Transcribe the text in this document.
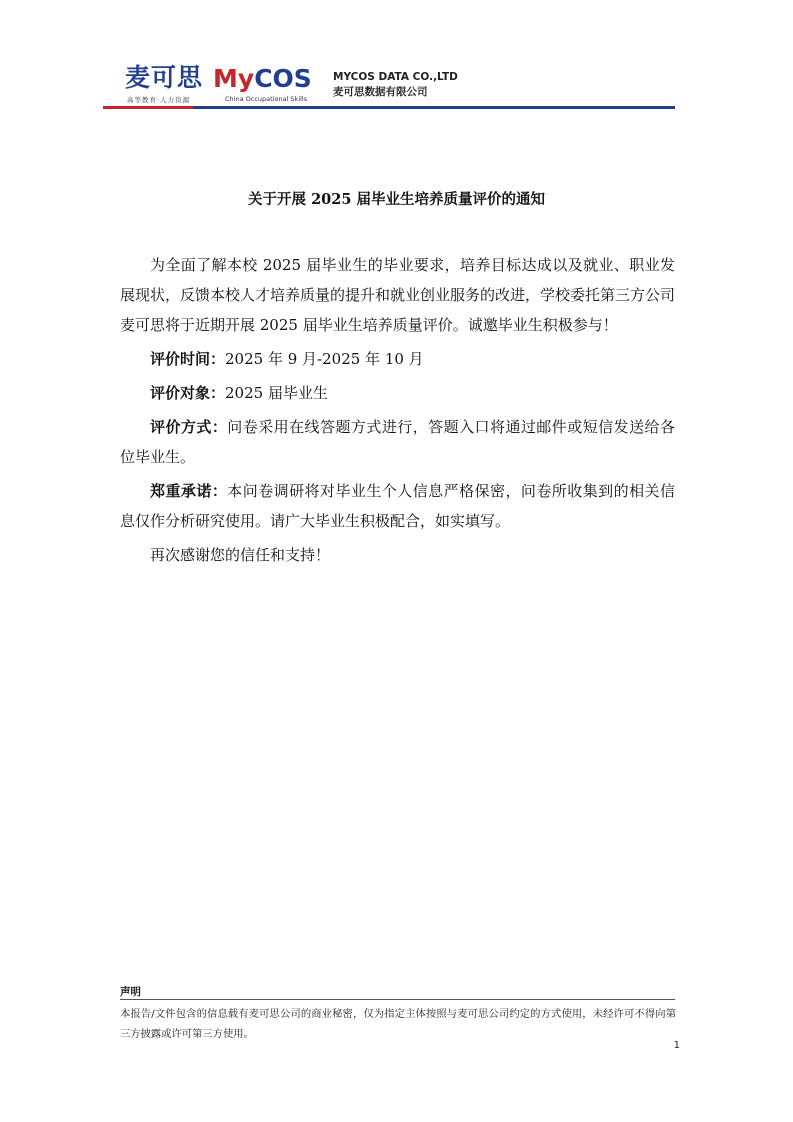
麦可思
高等教育·人力资源
MyCOS
China Occupational Skills
MYCOS DATA CO.,LTD
麦可思数据有限公司
关于开展 2025 届毕业生培养质量评价的通知

为全面了解本校 2025 届毕业生的毕业要求，培养目标达成以及就业、职业发展现状，反馈本校人才培养质量的提升和就业创业服务的改进，学校委托第三方公司麦可思将于近期开展 2025 届毕业生培养质量评价。诚邀毕业生积极参与！

评价时间：2025 年 9 月-2025 年 10 月

评价对象：2025 届毕业生

评价方式：问卷采用在线答题方式进行，答题入口将通过邮件或短信发送给各位毕业生。

郑重承诺：本问卷调研将对毕业生个人信息严格保密，问卷所收集到的相关信息仅作分析研究使用。请广大毕业生积极配合，如实填写。

再次感谢您的信任和支持！

声明
本报告/文件包含的信息载有麦可思公司的商业秘密，仅为指定主体按照与麦可思公司约定的方式使用，未经许可不得向第三方披露或许可第三方使用。
1
